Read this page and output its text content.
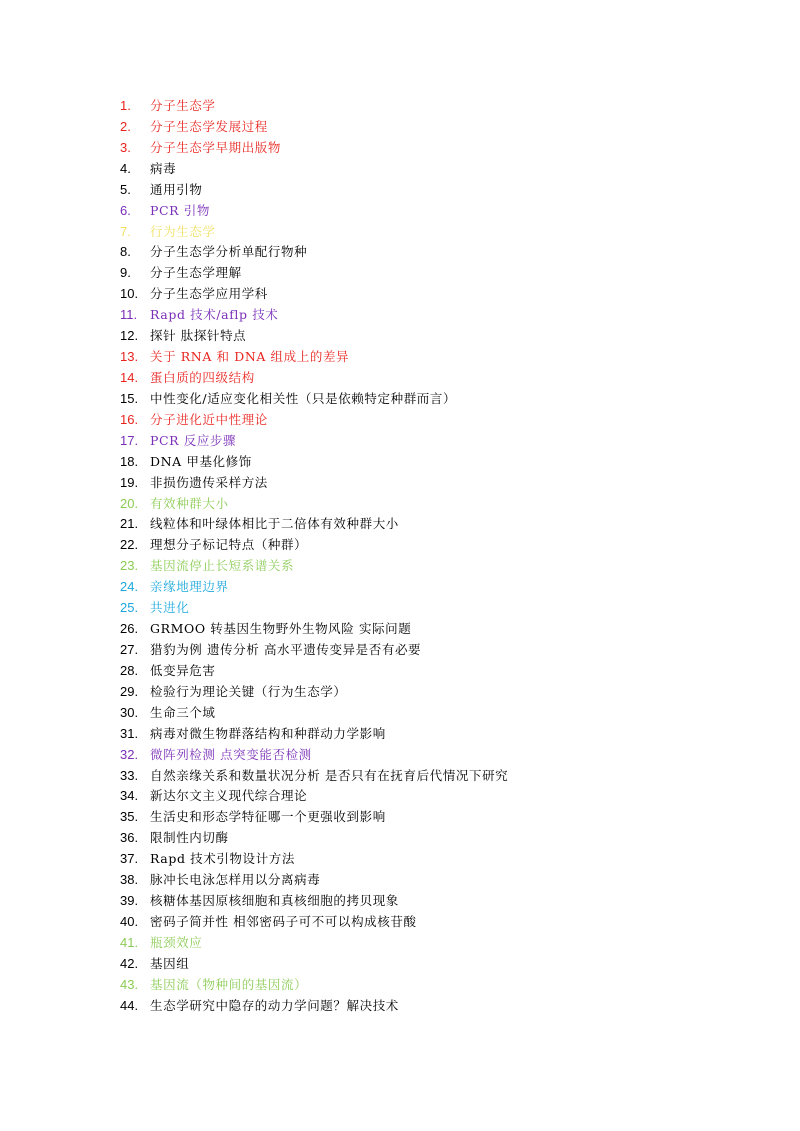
1.	分子生态学
2.	分子生态学发展过程
3.	分子生态学早期出版物
4.	病毒
5.	通用引物
6.	PCR 引物
7.	行为生态学
8.	分子生态学分析单配行物种
9.	分子生态学理解
10. 分子生态学应用学科
11.	Rapd 技术/aflp 技术
12. 探针 肽探针特点
13. 关于 RNA 和 DNA 组成上的差异
14. 蛋白质的四级结构
15. 中性变化/适应变化相关性（只是依赖特定种群而言）
16. 分子进化近中性理论
17. PCR 反应步骤
18. DNA 甲基化修饰
19. 非损伤遗传采样方法
20. 有效种群大小
21. 线粒体和叶绿体相比于二倍体有效种群大小
22. 理想分子标记特点（种群）
23. 基因流停止长短系谱关系
24. 亲缘地理边界
25. 共进化
26. GRMOO 转基因生物野外生物风险 实际问题
27. 猎豹为例 遗传分析 高水平遗传变异是否有必要
28. 低变异危害
29. 检验行为理论关键（行为生态学）
30. 生命三个域
31. 病毒对微生物群落结构和种群动力学影响
32. 微阵列检测 点突变能否检测
33. 自然亲缘关系和数量状况分析 是否只有在抚育后代情况下研究
34. 新达尔文主义现代综合理论
35. 生活史和形态学特征哪一个更强收到影响
36. 限制性内切酶
37. Rapd 技术引物设计方法
38. 脉冲长电泳怎样用以分离病毒
39. 核糖体基因原核细胞和真核细胞的拷贝现象
40. 密码子简并性 相邻密码子可不可以构成核苷酸
41. 瓶颈效应
42. 基因组
43. 基因流（物种间的基因流）
44. 生态学研究中隐存的动力学问题？解决技术
